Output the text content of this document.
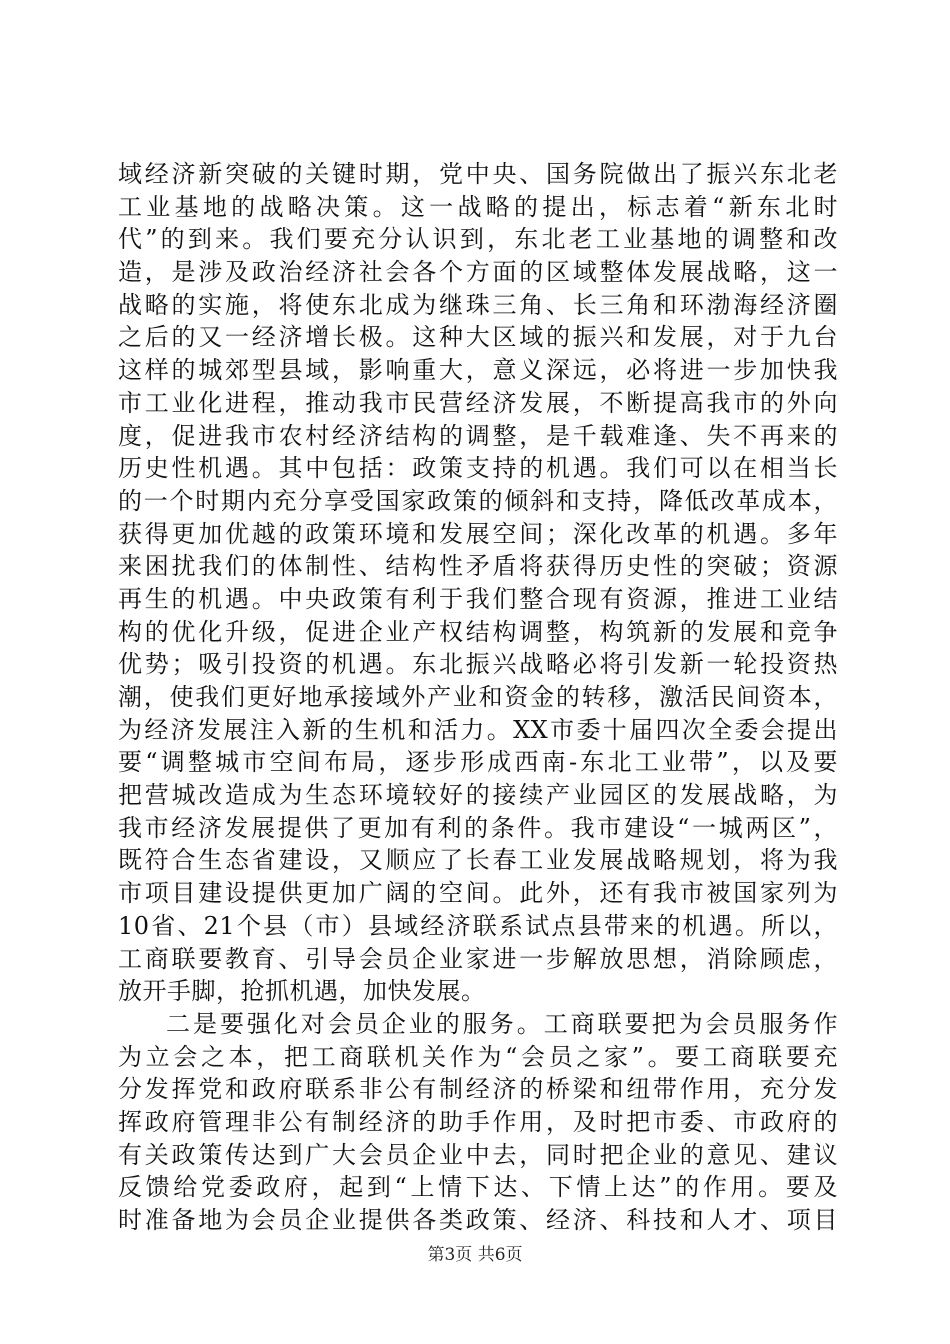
域经济新突破的关键时期，党中央、国务院做出了振兴东北老
工业基地的战略决策。这一战略的提出，标志着“新东北时
代”的到来。我们要充分认识到，东北老工业基地的调整和改
造，是涉及政治经济社会各个方面的区域整体发展战略，这一
战略的实施，将使东北成为继珠三角、长三角和环渤海经济圈
之后的又一经济增长极。这种大区域的振兴和发展，对于九台
这样的城郊型县域，影响重大，意义深远，必将进一步加快我
市工业化进程，推动我市民营经济发展，不断提高我市的外向
度，促进我市农村经济结构的调整，是千载难逢、失不再来的
历史性机遇。其中包括：政策支持的机遇。我们可以在相当长
的一个时期内充分享受国家政策的倾斜和支持，降低改革成本，
获得更加优越的政策环境和发展空间；深化改革的机遇。多年
来困扰我们的体制性、结构性矛盾将获得历史性的突破；资源
再生的机遇。中央政策有利于我们整合现有资源，推进工业结
构的优化升级，促进企业产权结构调整，构筑新的发展和竞争
优势；吸引投资的机遇。东北振兴战略必将引发新一轮投资热
潮，使我们更好地承接域外产业和资金的转移，激活民间资本，
为经济发展注入新的生机和活力。XX市委十届四次全委会提出
要“调整城市空间布局，逐步形成西南-东北工业带”，以及要
把营城改造成为生态环境较好的接续产业园区的发展战略，为
我市经济发展提供了更加有利的条件。我市建设“一城两区”，
既符合生态省建设，又顺应了长春工业发展战略规划，将为我
市项目建设提供更加广阔的空间。此外，还有我市被国家列为
10省、21个县（市）县域经济联系试点县带来的机遇。所以，
工商联要教育、引导会员企业家进一步解放思想，消除顾虑，
放开手脚，抢抓机遇，加快发展。
二是要强化对会员企业的服务。工商联要把为会员服务作
为立会之本，把工商联机关作为“会员之家”。要工商联要充
分发挥党和政府联系非公有制经济的桥梁和纽带作用，充分发
挥政府管理非公有制经济的助手作用，及时把市委、市政府的
有关政策传达到广大会员企业中去，同时把企业的意见、建议
反馈给党委政府，起到“上情下达、下情上达”的作用。要及
时准备地为会员企业提供各类政策、经济、科技和人才、项目
第3页 共6页
